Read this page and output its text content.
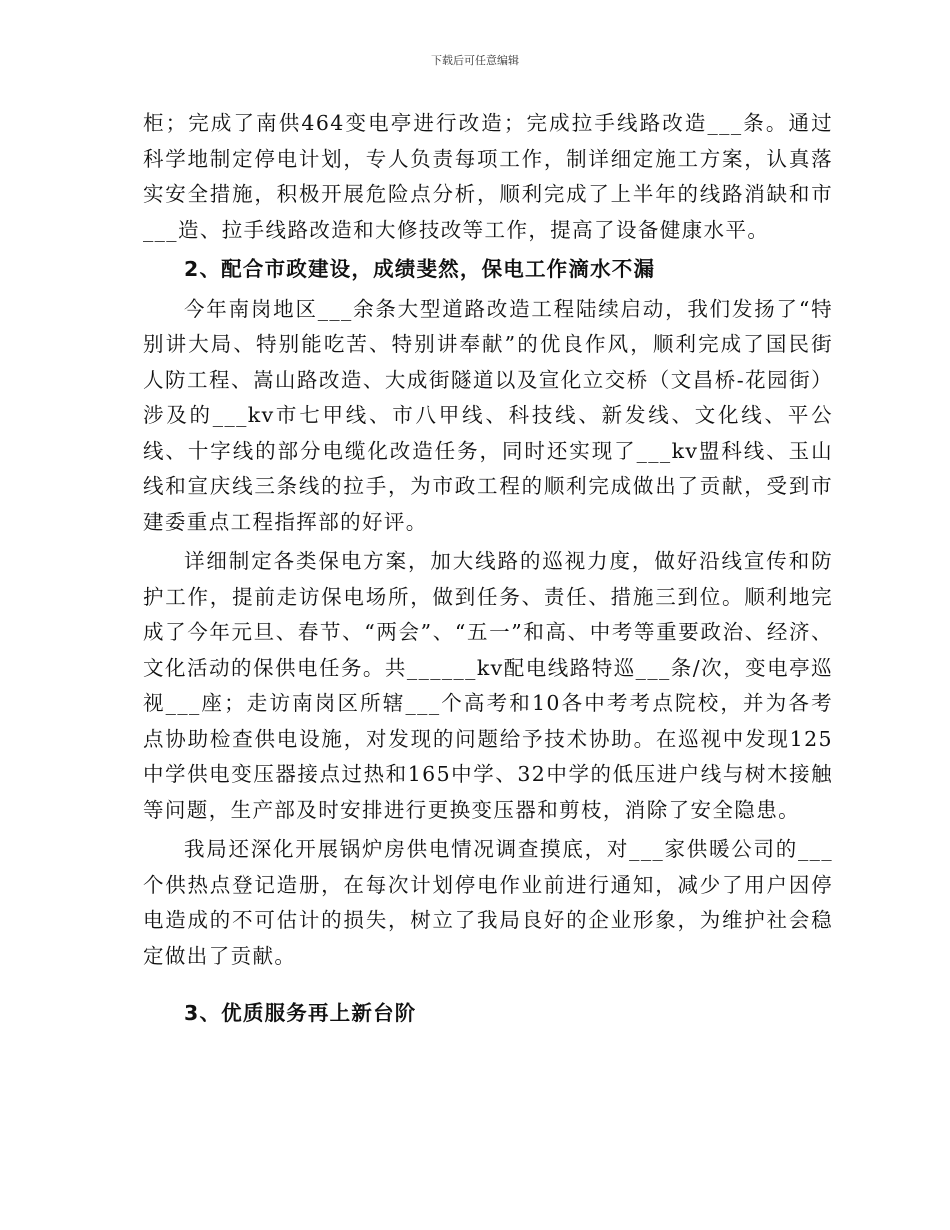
下载后可任意编辑

柜；完成了南供464变电亭进行改造；完成拉手线路改造___条。通过科学地制定停电计划，专人负责每项工作，制详细定施工方案，认真落实安全措施，积极开展危险点分析，顺利完成了上半年的线路消缺和市___造、拉手线路改造和大修技改等工作，提高了设备健康水平。

2、配合市政建设，成绩斐然，保电工作滴水不漏

今年南岗地区___余条大型道路改造工程陆续启动，我们发扬了“特别讲大局、特别能吃苦、特别讲奉献”的优良作风，顺利完成了国民街人防工程、嵩山路改造、大成街隧道以及宣化立交桥（文昌桥-花园街）涉及的___kv市七甲线、市八甲线、科技线、新发线、文化线、平公线、十字线的部分电缆化改造任务，同时还实现了___kv盟科线、玉山线和宣庆线三条线的拉手，为市政工程的顺利完成做出了贡献，受到市建委重点工程指挥部的好评。

详细制定各类保电方案，加大线路的巡视力度，做好沿线宣传和防护工作，提前走访保电场所，做到任务、责任、措施三到位。顺利地完成了今年元旦、春节、“两会”、“五一”和高、中考等重要政治、经济、文化活动的保供电任务。共______kv配电线路特巡___条/次，变电亭巡视___座；走访南岗区所辖___个高考和10各中考考点院校，并为各考点协助检查供电设施，对发现的问题给予技术协助。在巡视中发现125中学供电变压器接点过热和165中学、32中学的低压进户线与树木接触等问题，生产部及时安排进行更换变压器和剪枝，消除了安全隐患。

我局还深化开展锅炉房供电情况调查摸底，对___家供暖公司的___个供热点登记造册，在每次计划停电作业前进行通知，减少了用户因停电造成的不可估计的损失，树立了我局良好的企业形象，为维护社会稳定做出了贡献。

3、优质服务再上新台阶
